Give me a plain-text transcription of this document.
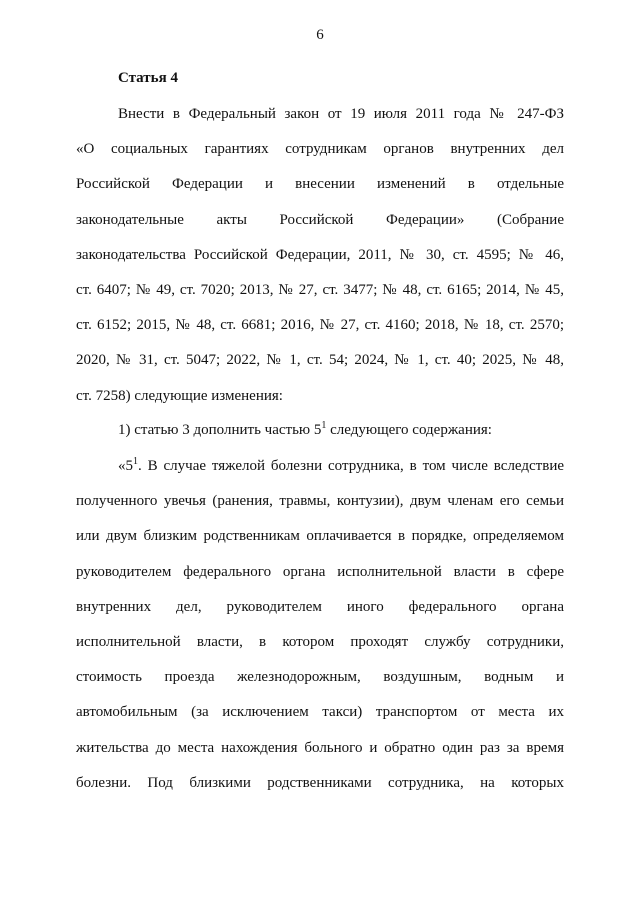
6
Статья 4
Внести в Федеральный закон от 19 июля 2011 года № 247-ФЗ
«О социальных гарантиях сотрудникам органов внутренних дел
Российской Федерации и внесении изменений в отдельные
законодательные акты Российской Федерации» (Собрание
законодательства Российской Федерации, 2011, № 30, ст. 4595; № 46,
ст. 6407; № 49, ст. 7020; 2013, № 27, ст. 3477; № 48, ст. 6165; 2014, № 45,
ст. 6152; 2015, № 48, ст. 6681; 2016, № 27, ст. 4160; 2018, № 18, ст. 2570;
2020, № 31, ст. 5047; 2022, № 1, ст. 54; 2024, № 1, ст. 40; 2025, № 48,
ст. 7258) следующие изменения:
1) статью 3 дополнить частью $5^1$ следующего содержания:
«$5^1$. В случае тяжелой болезни сотрудника, в том числе вследствие
полученного увечья (ранения, травмы, контузии), двум членам его семьи
или двум близким родственникам оплачивается в порядке, определяемом
руководителем федерального органа исполнительной власти в сфере
внутренних дел, руководителем иного федерального органа
исполнительной власти, в котором проходят службу сотрудники,
стоимость проезда железнодорожным, воздушным, водным и
автомобильным (за исключением такси) транспортом от места их
жительства до места нахождения больного и обратно один раз за время
болезни. Под близкими родственниками сотрудника, на которых
